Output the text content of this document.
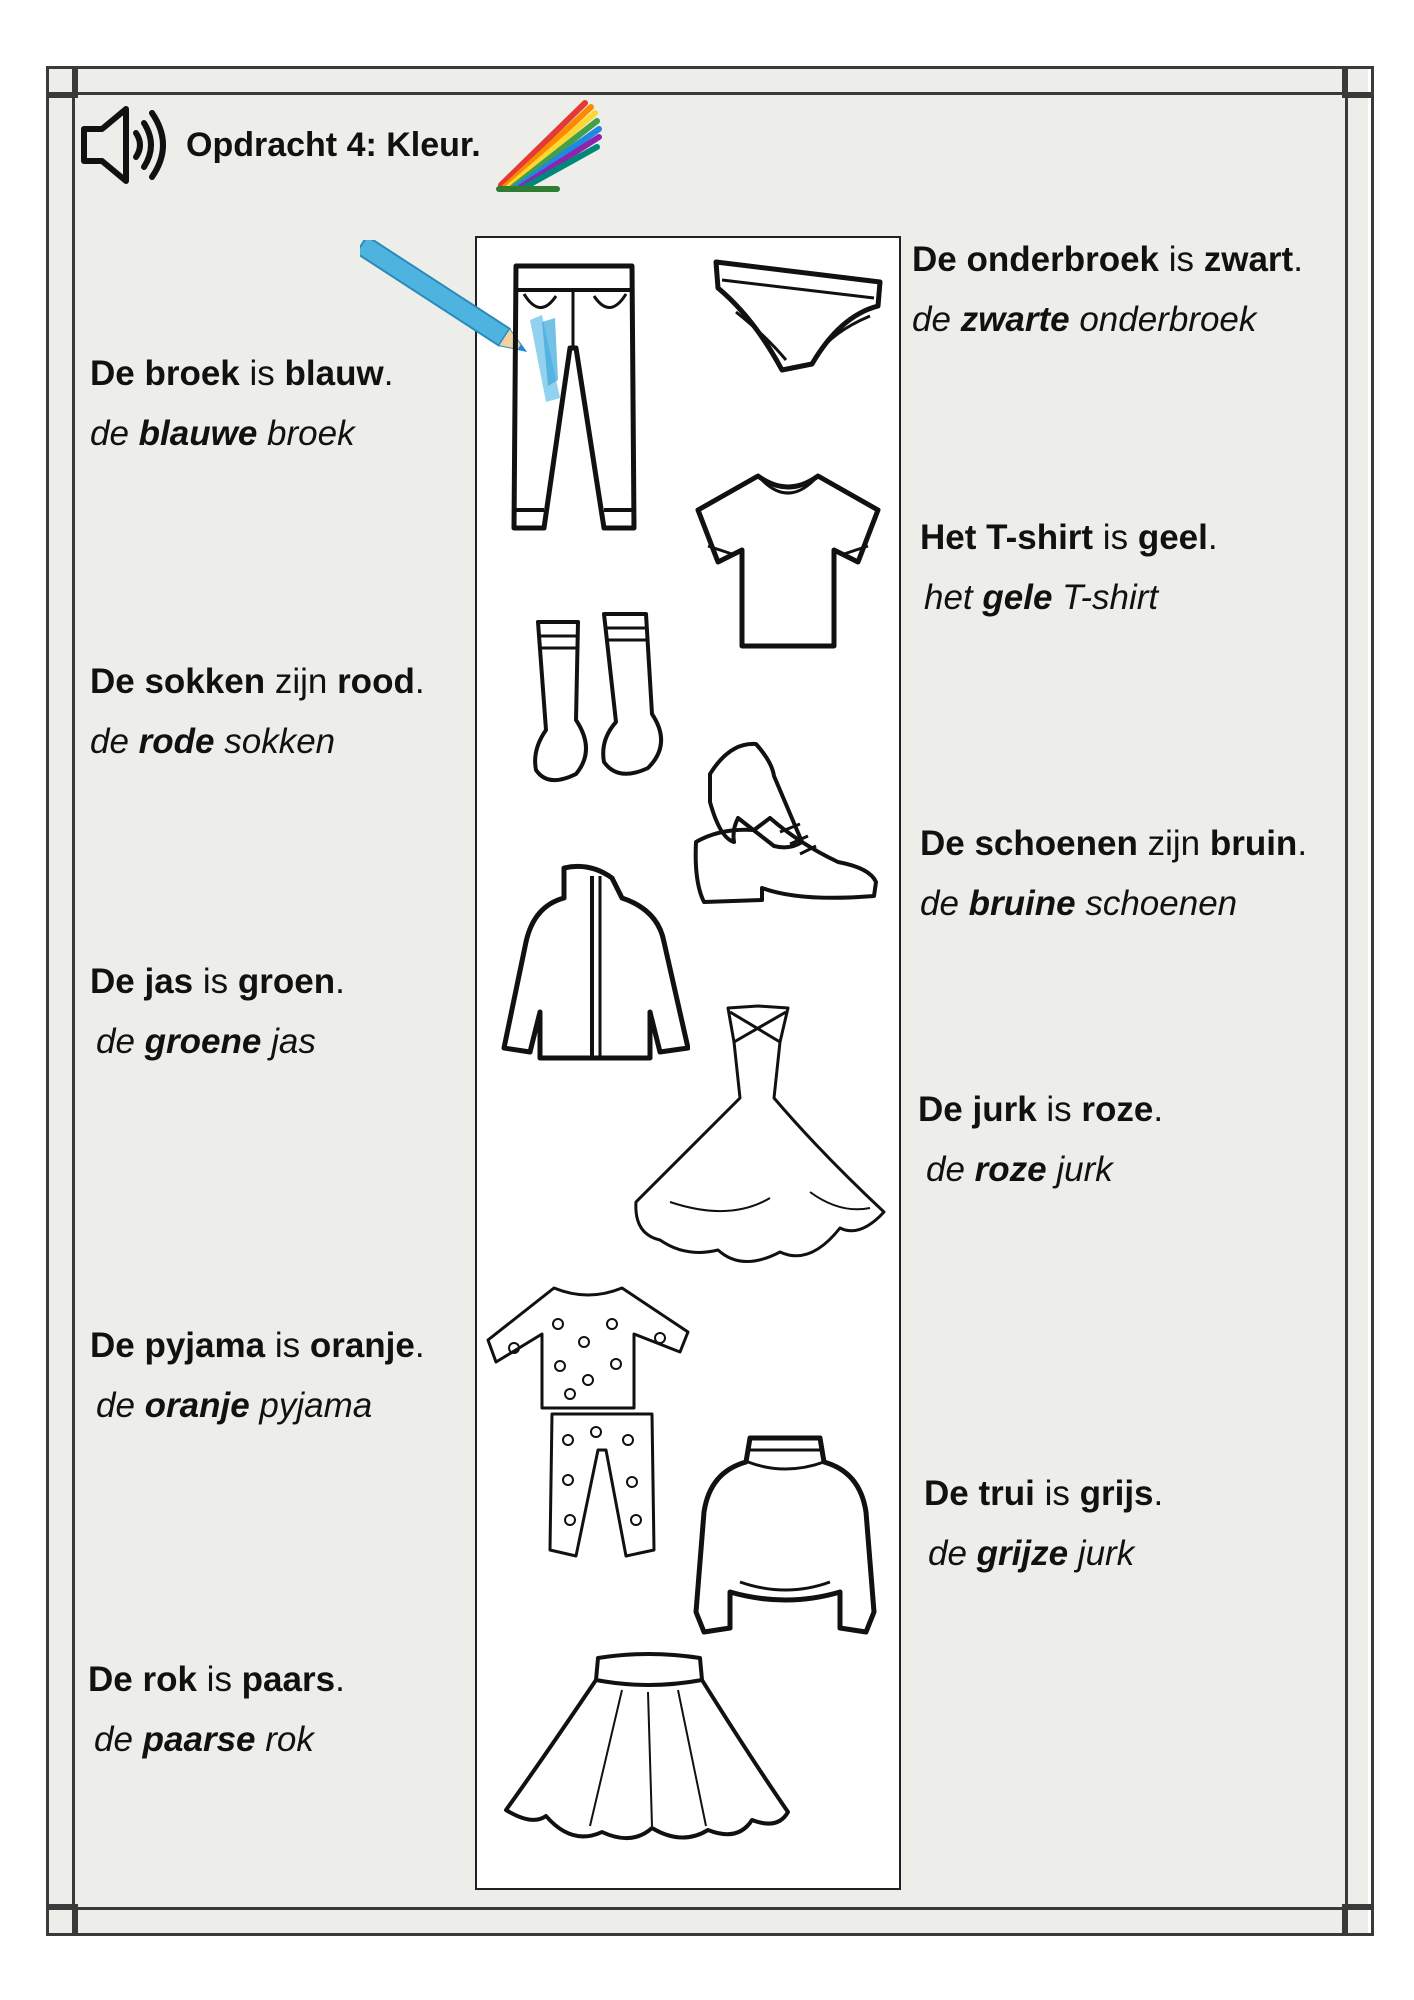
Opdracht 4: Kleur.
De broek is blauw.
de blauwe broek
De sokken zijn rood.
de rode sokken
De jas is groen.
de groene jas
De pyjama is oranje.
de oranje pyjama
De rok is paars.
de paarse rok
De onderbroek is zwart.
de zwarte onderbroek
Het T-shirt is geel.
het gele T-shirt
De schoenen zijn bruin.
de bruine schoenen
De jurk is roze.
de roze jurk
De trui is grijs.
de grijze jurk
